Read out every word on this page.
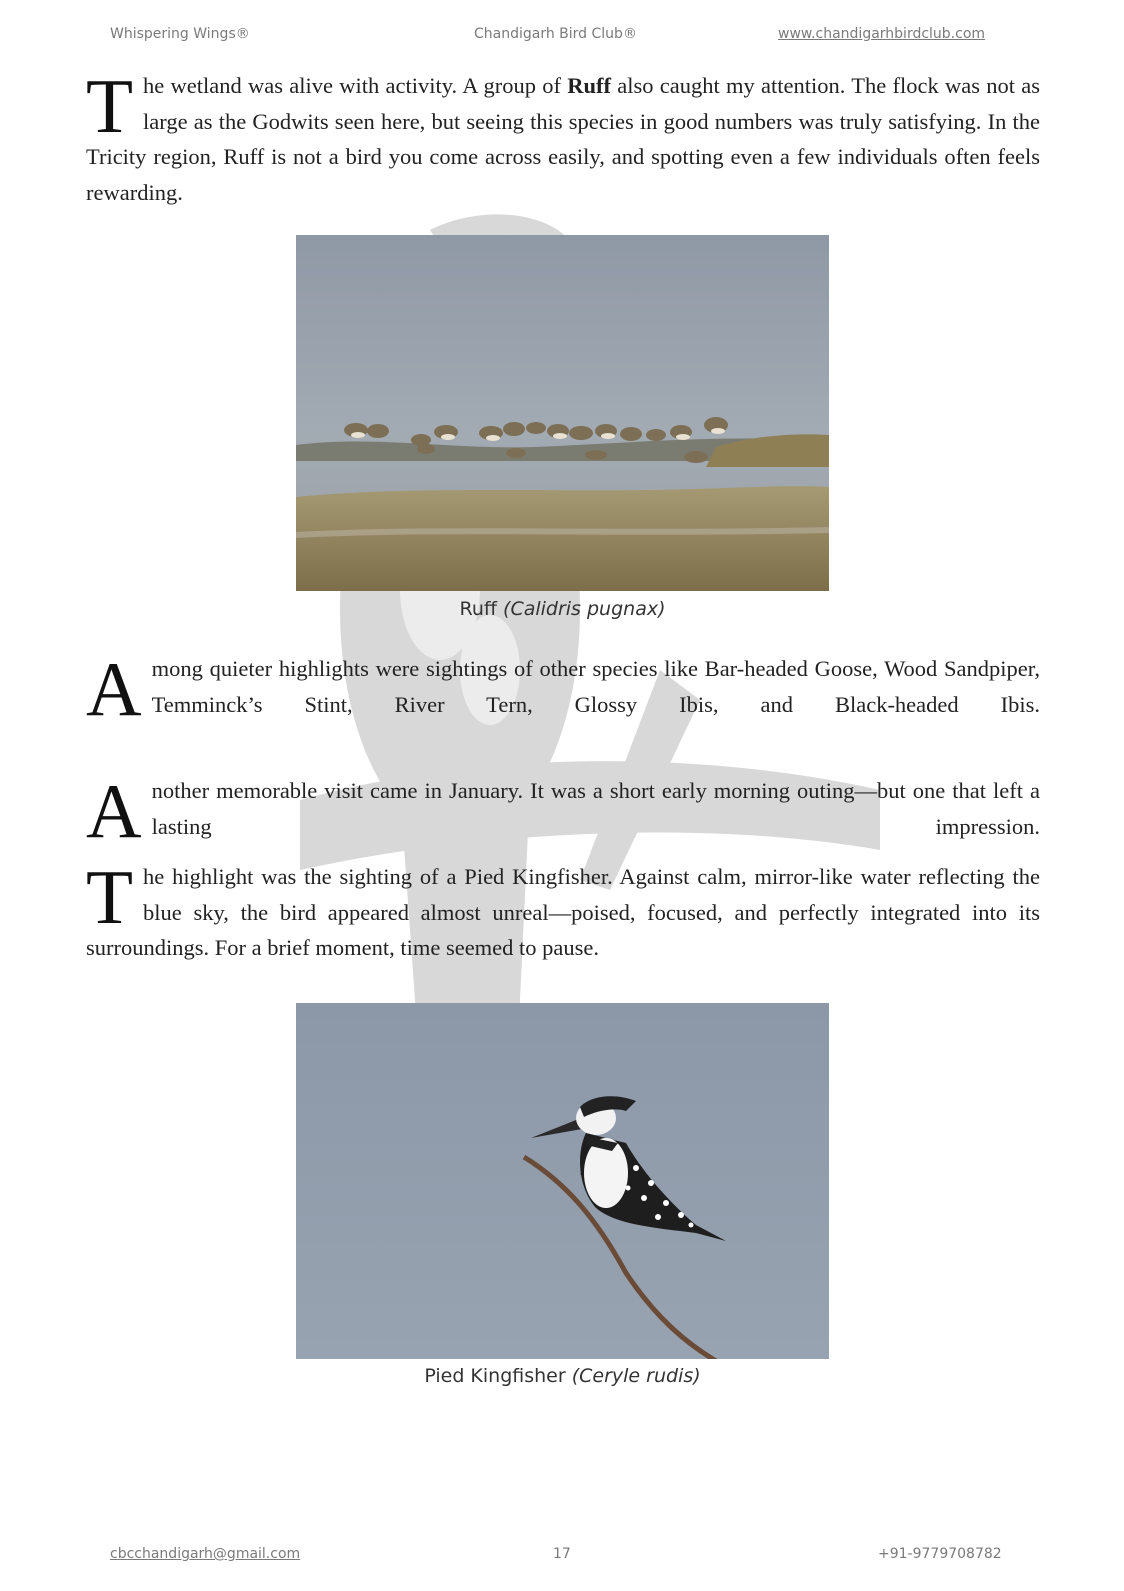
Whispering Wings®	Chandigarh Bird Club®	www.chandigarhbirdclub.com
The wetland was alive with activity. A group of Ruff also caught my attention. The flock was not as large as the Godwits seen here, but seeing this species in good numbers was truly satisfying. In the Tricity region, Ruff is not a bird you come across easily, and spotting even a few individuals often feels rewarding.
Ruff (Calidris pugnax)
Among quieter highlights were sightings of other species like Bar-headed Goose, Wood Sandpiper, Temminck’s Stint, River Tern, Glossy Ibis, and Black-headed Ibis.
Another memorable visit came in January. It was a short early morning outing—but one that left a lasting impression.
The highlight was the sighting of a Pied Kingfisher. Against calm, mirror-like water reflecting the blue sky, the bird appeared almost unreal—poised, focused, and perfectly integrated into its surroundings. For a brief moment, time seemed to pause.
Pied Kingfisher (Ceryle rudis)
cbcchandigarh@gmail.com	17	+91-9779708782
